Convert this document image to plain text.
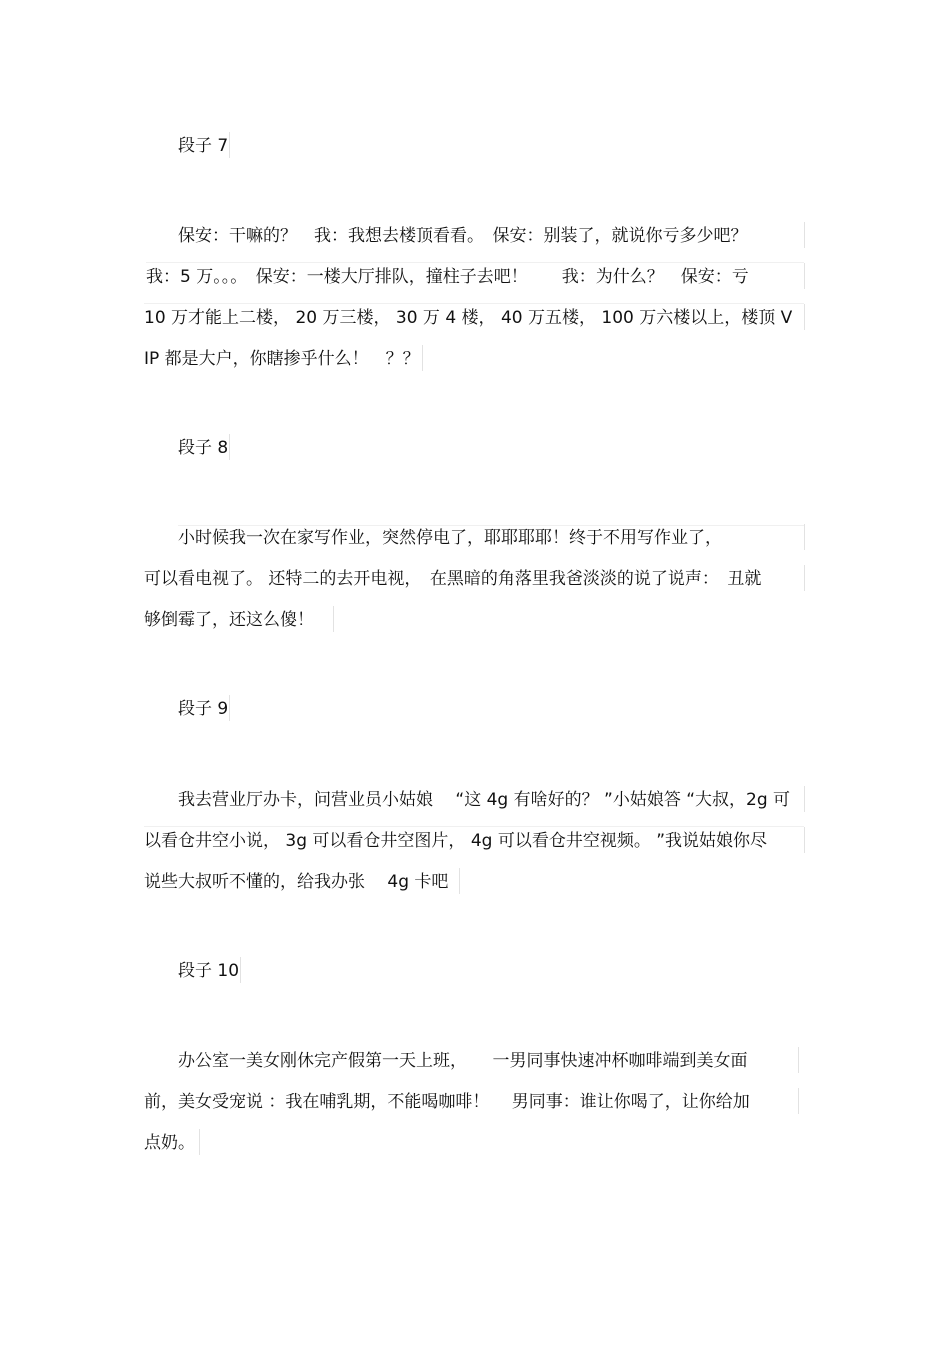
段子 7
保安：干嘛的？　我：我想去楼顶看看。　保安：别装了，就说你亏多少吧？
我：5 万。。。　保安：一楼大厅排队，撞柱子去吧！　　我：为什么？　保安：亏
10 万才能上二楼， 20 万三楼， 30 万 4 楼， 40 万五楼， 100 万六楼以上，楼顶 V
IP 都是大户，你瞎掺乎什么！　？？
段子 8
小时候我一次在家写作业，突然停电了，耶耶耶耶！终于不用写作业了，
可以看电视了。 还特二的去开电视，　在黑暗的角落里我爸淡淡的说了说声：　丑就
够倒霉了，还这么傻！
段子 9
我去营业厅办卡，问营业员小姑娘　 “这 4g 有啥好的？ ”小姑娘答 “大叔，2g 可
以看仓井空小说， 3g 可以看仓井空图片， 4g 可以看仓井空视频。 ”我说姑娘你尽
说些大叔听不懂的，给我办张　 4g 卡吧
段子 10
办公室一美女刚休完产假第一天上班，　　一男同事快速冲杯咖啡端到美女面
前，美女受宠说 ：我在哺乳期，不能喝咖啡！　 男同事：谁让你喝了，让你给加
点奶。
